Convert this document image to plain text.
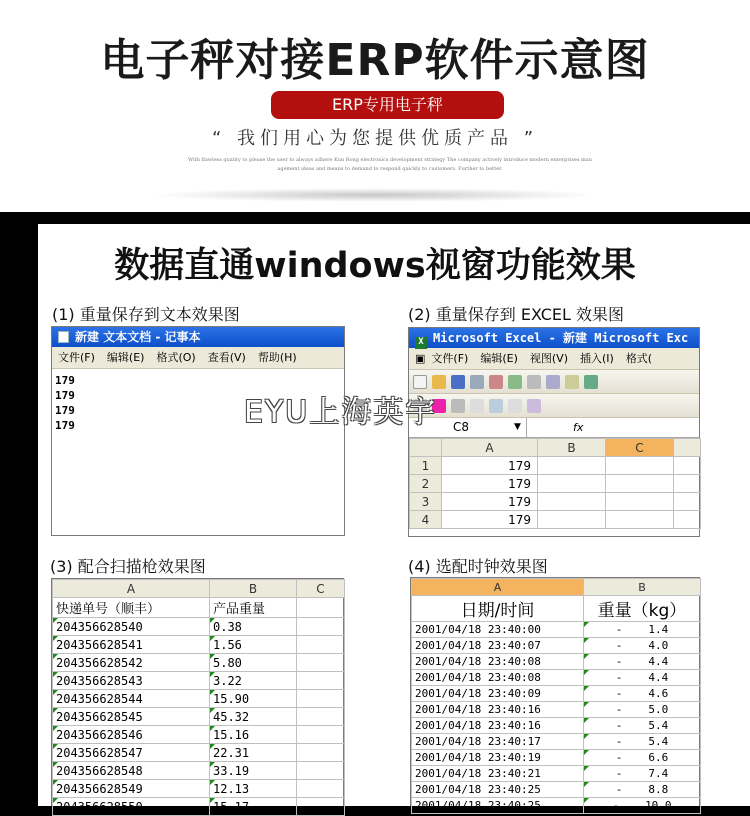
电子秤对接ERP软件示意图
ERP专用电子秤
“ 我们用心为您提供优质产品 ”
With flawless quality to please the user to always adhere Kun Rong electronics development strategy The company actively introduce modern enterprises man
agement ideas and means to demand to respond quickly to customers. Further to better.
数据直通windows视窗功能效果
(1) 重量保存到文本效果图
新建 文本文档 - 记事本
文件(F) 编辑(E) 格式(O) 查看(V) 帮助(H)
179
179
179
179
(2) 重量保存到 EXCEL 效果图
X Microsoft Excel - 新建 Microsoft Exc
▣ 文件(F) 编辑(E) 视图(V) 插入(I) 格式(
C8	▼	fx
	A	B	C	
1	179			
2	179			
3	179			
4	179			
(3) 配合扫描枪效果图
A	B	C
快递单号（顺丰）	产品重量	
204356628540	0.38	
204356628541	1.56	
204356628542	5.80	
204356628543	3.22	
204356628544	15.90	
204356628545	45.32	
204356628546	15.16	
204356628547	22.31	
204356628548	33.19	
204356628549	12.13	
204356628550	15.17	
(4) 选配时钟效果图
A	B
日期/时间	重量（kg）
2001/04/18 23:40:00	- 1.4
2001/04/18 23:40:07	- 4.0
2001/04/18 23:40:08	- 4.4
2001/04/18 23:40:08	- 4.4
2001/04/18 23:40:09	- 4.6
2001/04/18 23:40:16	- 5.0
2001/04/18 23:40:16	- 5.4
2001/04/18 23:40:17	- 5.4
2001/04/18 23:40:19	- 6.6
2001/04/18 23:40:21	- 7.4
2001/04/18 23:40:25	- 8.8
2001/04/18 23:40:25	- 10.0
EYU上海英宇
